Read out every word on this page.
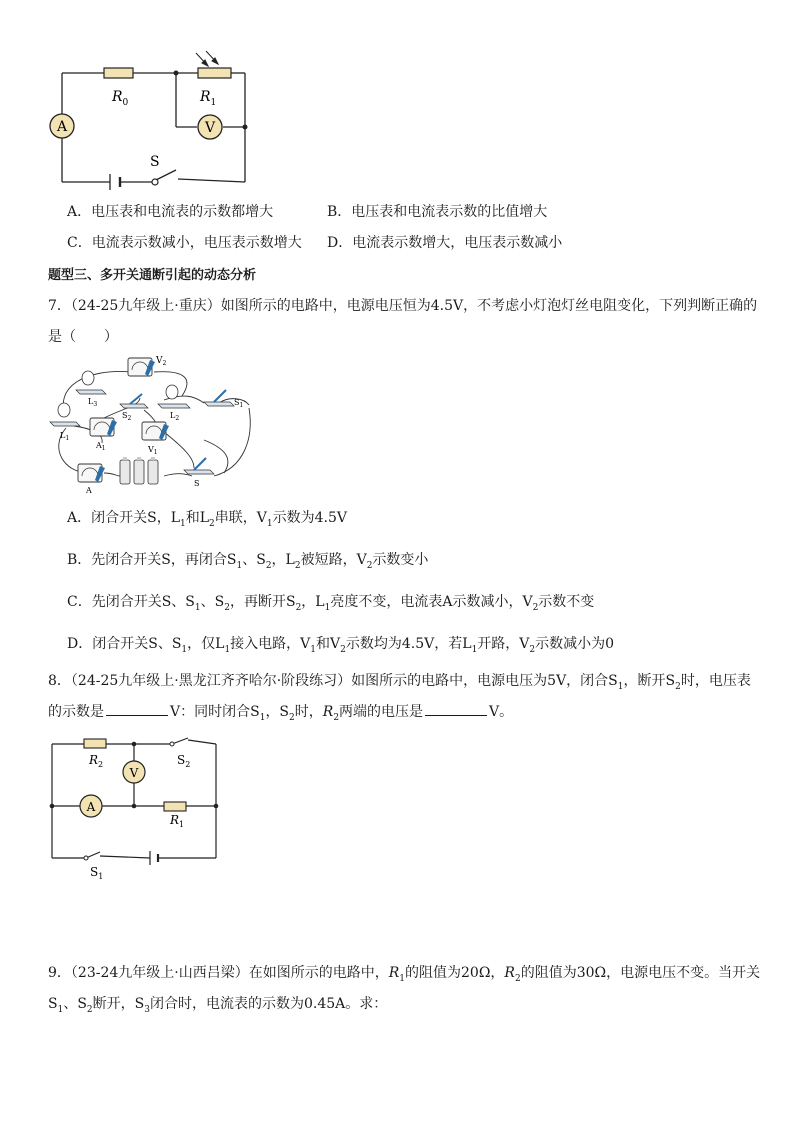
A	V
$R_0$	$R_1$
S
A．电压表和电流表的示数都增大	B．电压表和电流表示数的比值增大
C．电流表示数减小，电压表示数增大 D．电流表示数增大，电压表示数减小
题型三、多开关通断引起的动态分析
7．（24-25九年级上·重庆）如图所示的电路中，电源电压恒为4.5V，不考虑小灯泡灯丝电阻变化，下列判断正确的
是（　　）
$V_2$
$L_3$
$S_2$	$L_2$
$S_1$
$L_1$
$A_1$	$V_1$
A
S
A．闭合开关S，$L_1$和$L_2$串联，$V_1$示数为4.5V
B．先闭合开关S，再闭合$S_1$、$S_2$，$L_2$被短路，$V_2$示数变小
C．先闭合开关S、$S_1$、$S_2$，再断开$S_2$，$L_1$亮度不变，电流表A示数减小，$V_2$示数不变
D．闭合开关S、$S_1$，仅$L_1$接入电路，$V_1$和$V_2$示数均为4.5V，若$L_1$开路，$V_2$示数减小为0
8．（24-25九年级上·黑龙江齐齐哈尔·阶段练习）如图所示的电路中，电源电压为5V，闭合$S_1$，断开$S_2$时，电压表
的示数是	V：同时闭合$S_1$，$S_2$时，$R_2$两端的电压是	V。
V
A
$R_2$	$S_2$
$R_1$
$S_1$
9．（23-24九年级上·山西吕梁）在如图所示的电路中，$R_1$的阻值为20Ω，$R_2$的阻值为30Ω，电源电压不变。当开关
$S_1$、$S_2$断开，$S_3$闭合时，电流表的示数为0.45A。求：
